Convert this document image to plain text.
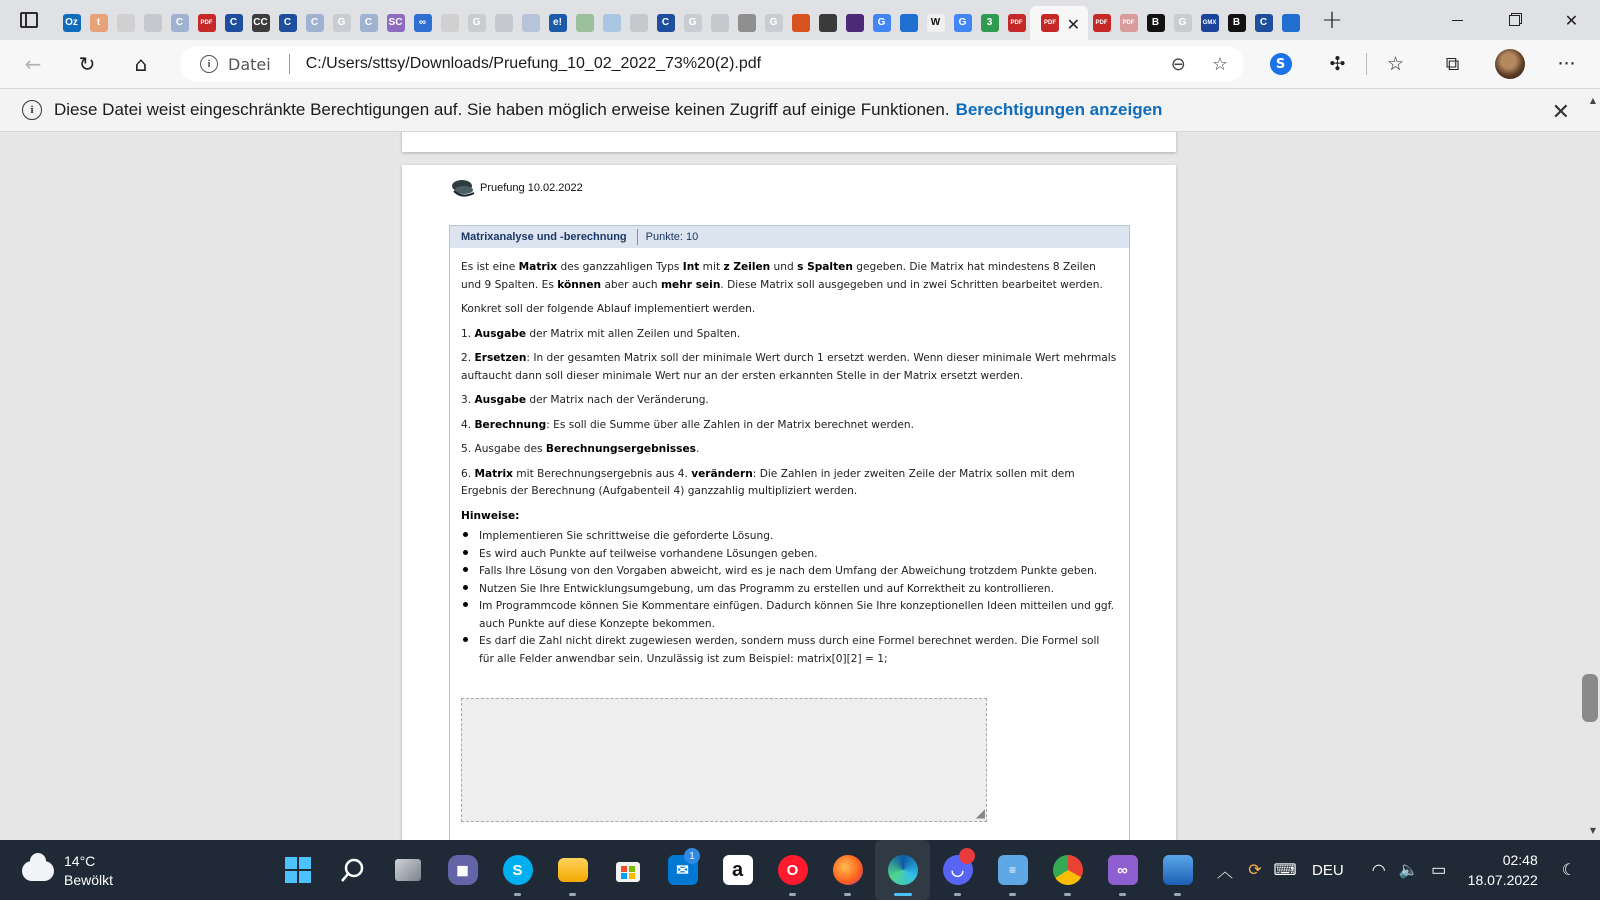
Oz	t	C	PDF	C	CC	C	C	G	C	SC	∞	G	e!	C	G	G	G	W	G	3	PDF	PDF ✕	PDF	PDF	B	G	GMX	B	C +	✕
← ↻ ⌂	i	Datei C:/Users/sttsy/Downloads/Pruefung_10_02_2022_73%20(2).pdf	⊖ ☆	S	✣ ☆ ⧉	···
i	Diese Datei weist eingeschränkte Berechtigungen auf. Sie haben möglich erweise keinen Zugriff auf einige Funktionen. Berechtigungen anzeigen	✕
Pruefung 10.02.2022
Matrixanalyse und -berechnung	Punkte: 10

Es ist eine Matrix des ganzzahligen Typs Int mit z Zeilen und s Spalten gegeben. Die Matrix hat mindestens 8 Zeilen und 9 Spalten. Es können aber auch mehr sein. Diese Matrix soll ausgegeben und in zwei Schritten bearbeitet werden.

Konkret soll der folgende Ablauf implementiert werden.

1. Ausgabe der Matrix mit allen Zeilen und Spalten.

2. Ersetzen: In der gesamten Matrix soll der minimale Wert durch 1 ersetzt werden. Wenn dieser minimale Wert mehrmals auftaucht dann soll dieser minimale Wert nur an der ersten erkannten Stelle in der Matrix ersetzt werden.

3. Ausgabe der Matrix nach der Veränderung.

4. Berechnung: Es soll die Summe über alle Zahlen in der Matrix berechnet werden.

5. Ausgabe des Berechnungsergebnisses.

6. Matrix mit Berechnungsergebnis aus 4. verändern: Die Zahlen in jeder zweiten Zeile der Matrix sollen mit dem Ergebnis der Berechnung (Aufgabenteil 4) ganzzahlig multipliziert werden.

Hinweise:

Implementieren Sie schrittweise die geforderte Lösung.
Es wird auch Punkte auf teilweise vorhandene Lösungen geben.
Falls Ihre Lösung von den Vorgaben abweicht, wird es je nach dem Umfang der Abweichung trotzdem Punkte geben.
Nutzen Sie Ihre Entwicklungsumgebung, um das Programm zu erstellen und auf Korrektheit zu kontrollieren.
Im Programmcode können Sie Kommentare einfügen. Dadurch können Sie Ihre konzeptionellen Ideen mitteilen und ggf. auch Punkte auf diese Konzepte bekommen.
Es darf die Zahl nicht direkt zugewiesen werden, sondern muss durch eine Formel berechnet werden. Die Formel soll für alle Felder anwendbar sein. Unzulässig ist zum Beispiel: matrix[0][2] = 1;
◢
▲
▼
14°C
Bewölkt
◼	S	✉
1
a	O	◡	≡	∞	︿ ⟳ ⌨ DEU	◠ 🔈 ▭
02:48
18.07.2022
☾
